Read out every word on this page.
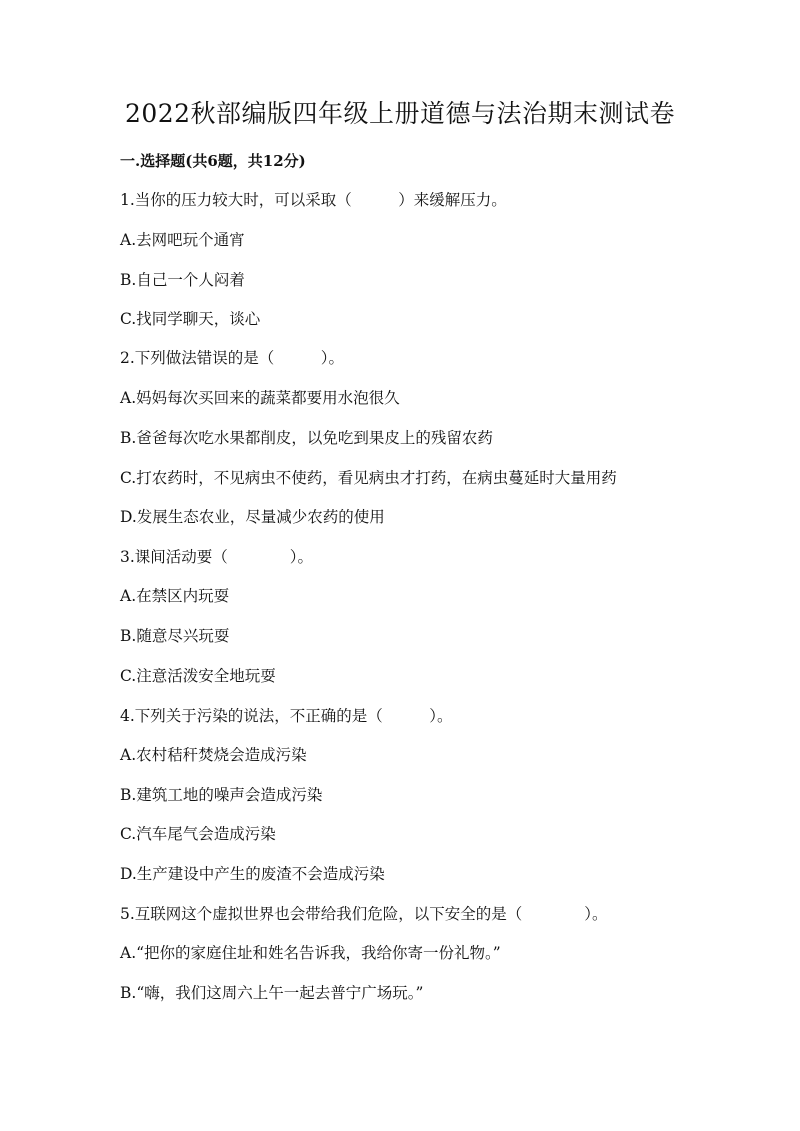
2022秋部编版四年级上册道德与法治期末测试卷
一.选择题(共6题，共12分)
1.当你的压力较大时，可以采取（　　　）来缓解压力。
A.去网吧玩个通宵
B.自己一个人闷着
C.找同学聊天，谈心
2.下列做法错误的是（　　　）。
A.妈妈每次买回来的蔬菜都要用水泡很久
B.爸爸每次吃水果都削皮，以免吃到果皮上的残留农药
C.打农药时，不见病虫不使药，看见病虫才打药，在病虫蔓延时大量用药
D.发展生态农业，尽量减少农药的使用
3.课间活动要（　　　　）。
A.在禁区内玩耍
B.随意尽兴玩耍
C.注意活泼安全地玩耍
4.下列关于污染的说法，不正确的是（　　　）。
A.农村秸秆焚烧会造成污染
B.建筑工地的噪声会造成污染
C.汽车尾气会造成污染
D.生产建设中产生的废渣不会造成污染
5.互联网这个虚拟世界也会带给我们危险，以下安全的是（　　　　）。
A.“把你的家庭住址和姓名告诉我，我给你寄一份礼物。”
B.“嗨，我们这周六上午一起去普宁广场玩。”
